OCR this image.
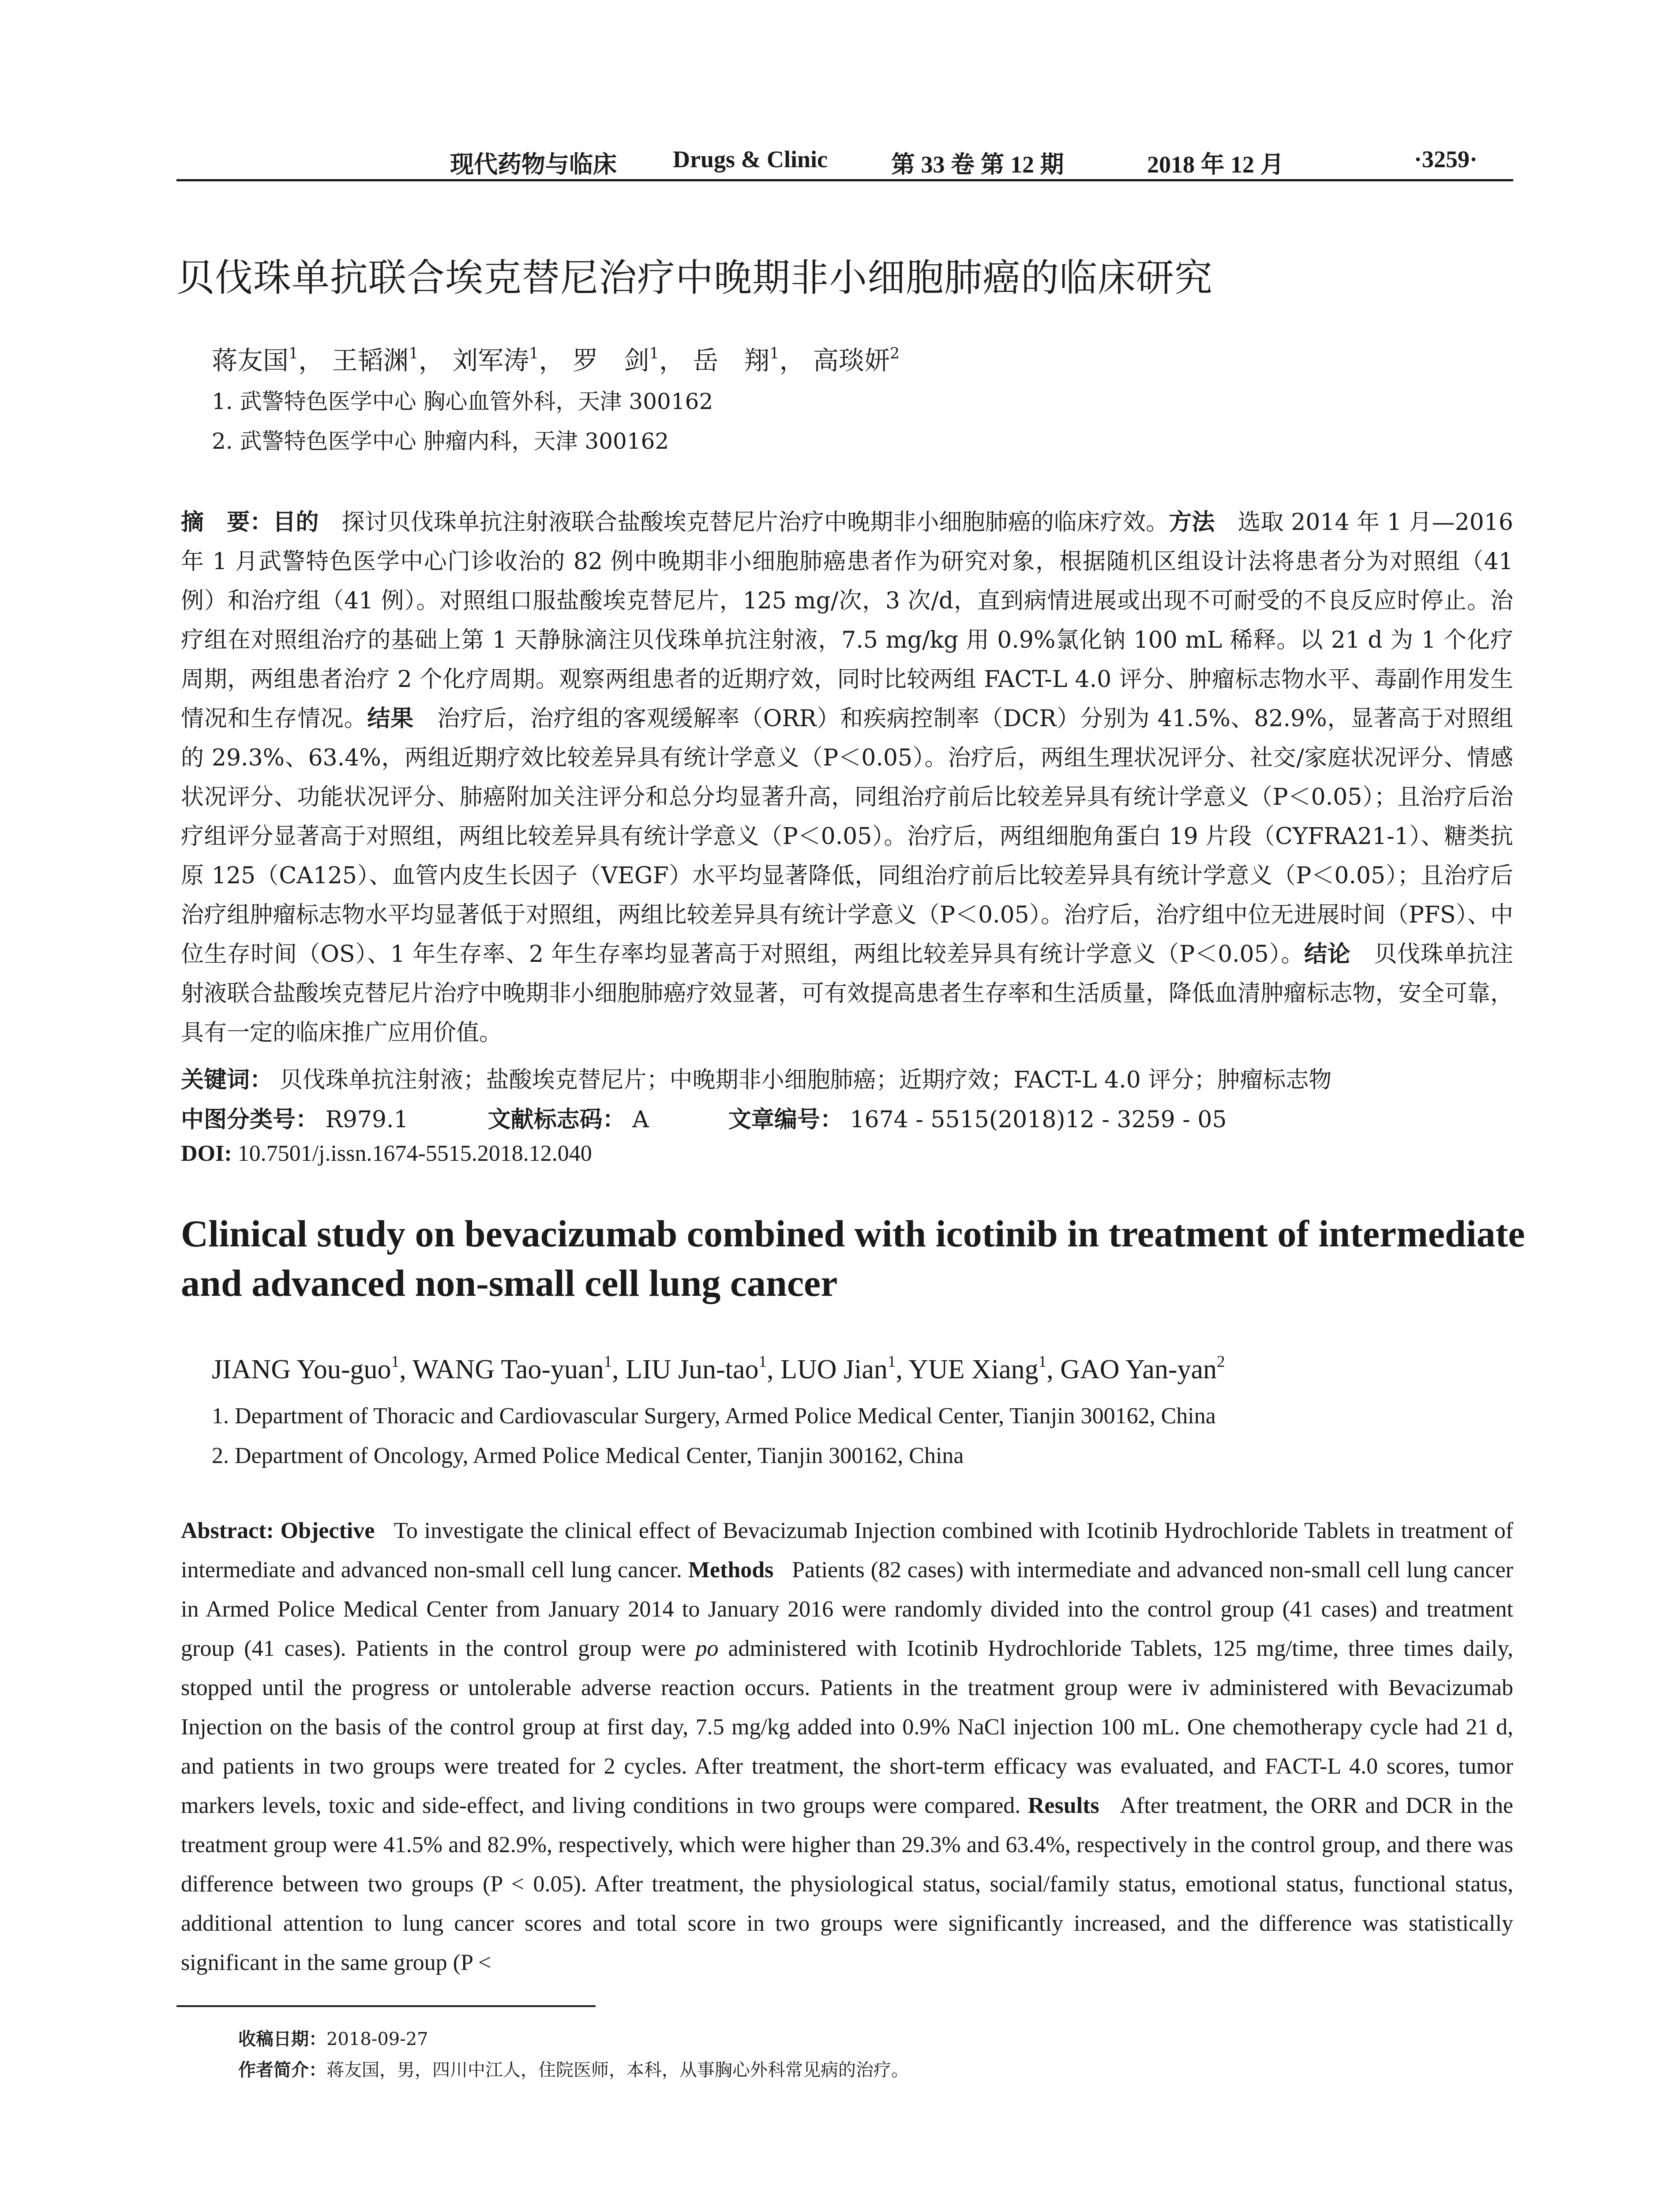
现代药物与临床 Drugs & Clinic	第 33 卷 第 12 期	2018 年 12 月	·3259·
贝伐珠单抗联合埃克替尼治疗中晚期非小细胞肺癌的临床研究
蒋友国$^1$， 王韬渊$^1$， 刘军涛$^1$， 罗　剑$^1$， 岳　翔$^1$， 高琰妍$^2$
1. 武警特色医学中心 胸心血管外科，天津 300162
2. 武警特色医学中心 肿瘤内科，天津 300162
摘　要：目的　 探讨贝伐珠单抗注射液联合盐酸埃克替尼片治疗中晚期非小细胞肺癌的临床疗效。方法　 选取 2014 年 1 月—2016 年 1 月武警特色医学中心门诊收治的 82 例中晚期非小细胞肺癌患者作为研究对象，根据随机区组设计法将患者分为对照组（41 例）和治疗组（41 例）。对照组口服盐酸埃克替尼片，125 mg/次，3 次/d，直到病情进展或出现不可耐受的不良反应时停止。治疗组在对照组治疗的基础上第 1 天静脉滴注贝伐珠单抗注射液，7.5 mg/kg 用 0.9%氯化钠 100 mL 稀释。以 21 d 为 1 个化疗周期，两组患者治疗 2 个化疗周期。观察两组患者的近期疗效，同时比较两组 FACT-L 4.0 评分、肿瘤标志物水平、毒副作用发生情况和生存情况。结果　 治疗后，治疗组的客观缓解率（ORR）和疾病控制率（DCR）分别为 41.5%、82.9%，显著高于对照组的 29.3%、63.4%，两组近期疗效比较差异具有统计学意义（P＜0.05）。治疗后，两组生理状况评分、社交/家庭状况评分、情感状况评分、功能状况评分、肺癌附加关注评分和总分均显著升高，同组治疗前后比较差异具有统计学意义（P＜0.05）；且治疗后治疗组评分显著高于对照组，两组比较差异具有统计学意义（P＜0.05）。治疗后，两组细胞角蛋白 19 片段（CYFRA21-1）、糖类抗原 125（CA125）、血管内皮生长因子（VEGF）水平均显著降低，同组治疗前后比较差异具有统计学意义（P＜0.05）；且治疗后治疗组肿瘤标志物水平均显著低于对照组，两组比较差异具有统计学意义（P＜0.05）。治疗后，治疗组中位无进展时间（PFS）、中位生存时间（OS）、1 年生存率、2 年生存率均显著高于对照组，两组比较差异具有统计学意义（P＜0.05）。结论　 贝伐珠单抗注射液联合盐酸埃克替尼片治疗中晚期非小细胞肺癌疗效显著，可有效提高患者生存率和生活质量，降低血清肿瘤标志物，安全可靠，具有一定的临床推广应用价值。
关键词： 贝伐珠单抗注射液；盐酸埃克替尼片；中晚期非小细胞肺癌；近期疗效；FACT-L 4.0 评分；肿瘤标志物
中图分类号： R979.1	文献标志码： A	文章编号： 1674 - 5515(2018)12 - 3259 - 05
DOI: 10.7501/j.issn.1674-5515.2018.12.040
Clinical study on bevacizumab combined with icotinib in treatment of intermediate and advanced non-small cell lung cancer
JIANG You-guo$^1$, WANG Tao-yuan$^1$, LIU Jun-tao$^1$, LUO Jian$^1$, YUE Xiang$^1$, GAO Yan-yan$^2$
1. Department of Thoracic and Cardiovascular Surgery, Armed Police Medical Center, Tianjin 300162, China
2. Department of Oncology, Armed Police Medical Center, Tianjin 300162, China
Abstract: Objective To investigate the clinical effect of Bevacizumab Injection combined with Icotinib Hydrochloride Tablets in treatment of intermediate and advanced non-small cell lung cancer. Methods Patients (82 cases) with intermediate and advanced non-small cell lung cancer in Armed Police Medical Center from January 2014 to January 2016 were randomly divided into the control group (41 cases) and treatment group (41 cases). Patients in the control group were po administered with Icotinib Hydrochloride Tablets, 125 mg/time, three times daily, stopped until the progress or untolerable adverse reaction occurs. Patients in the treatment group were iv administered with Bevacizumab Injection on the basis of the control group at first day, 7.5 mg/kg added into 0.9% NaCl injection 100 mL. One chemotherapy cycle had 21 d, and patients in two groups were treated for 2 cycles. After treatment, the short-term efficacy was evaluated, and FACT-L 4.0 scores, tumor markers levels, toxic and side-effect, and living conditions in two groups were compared. Results After treatment, the ORR and DCR in the treatment group were 41.5% and 82.9%, respectively, which were higher than 29.3% and 63.4%, respectively in the control group, and there was difference between two groups (P < 0.05). After treatment, the physiological status, social/family status, emotional status, functional status, additional attention to lung cancer scores and total score in two groups were significantly increased, and the difference was statistically significant in the same group (P <
收稿日期：2018-09-27
作者简介：蒋友国，男，四川中江人，住院医师，本科，从事胸心外科常见病的治疗。
